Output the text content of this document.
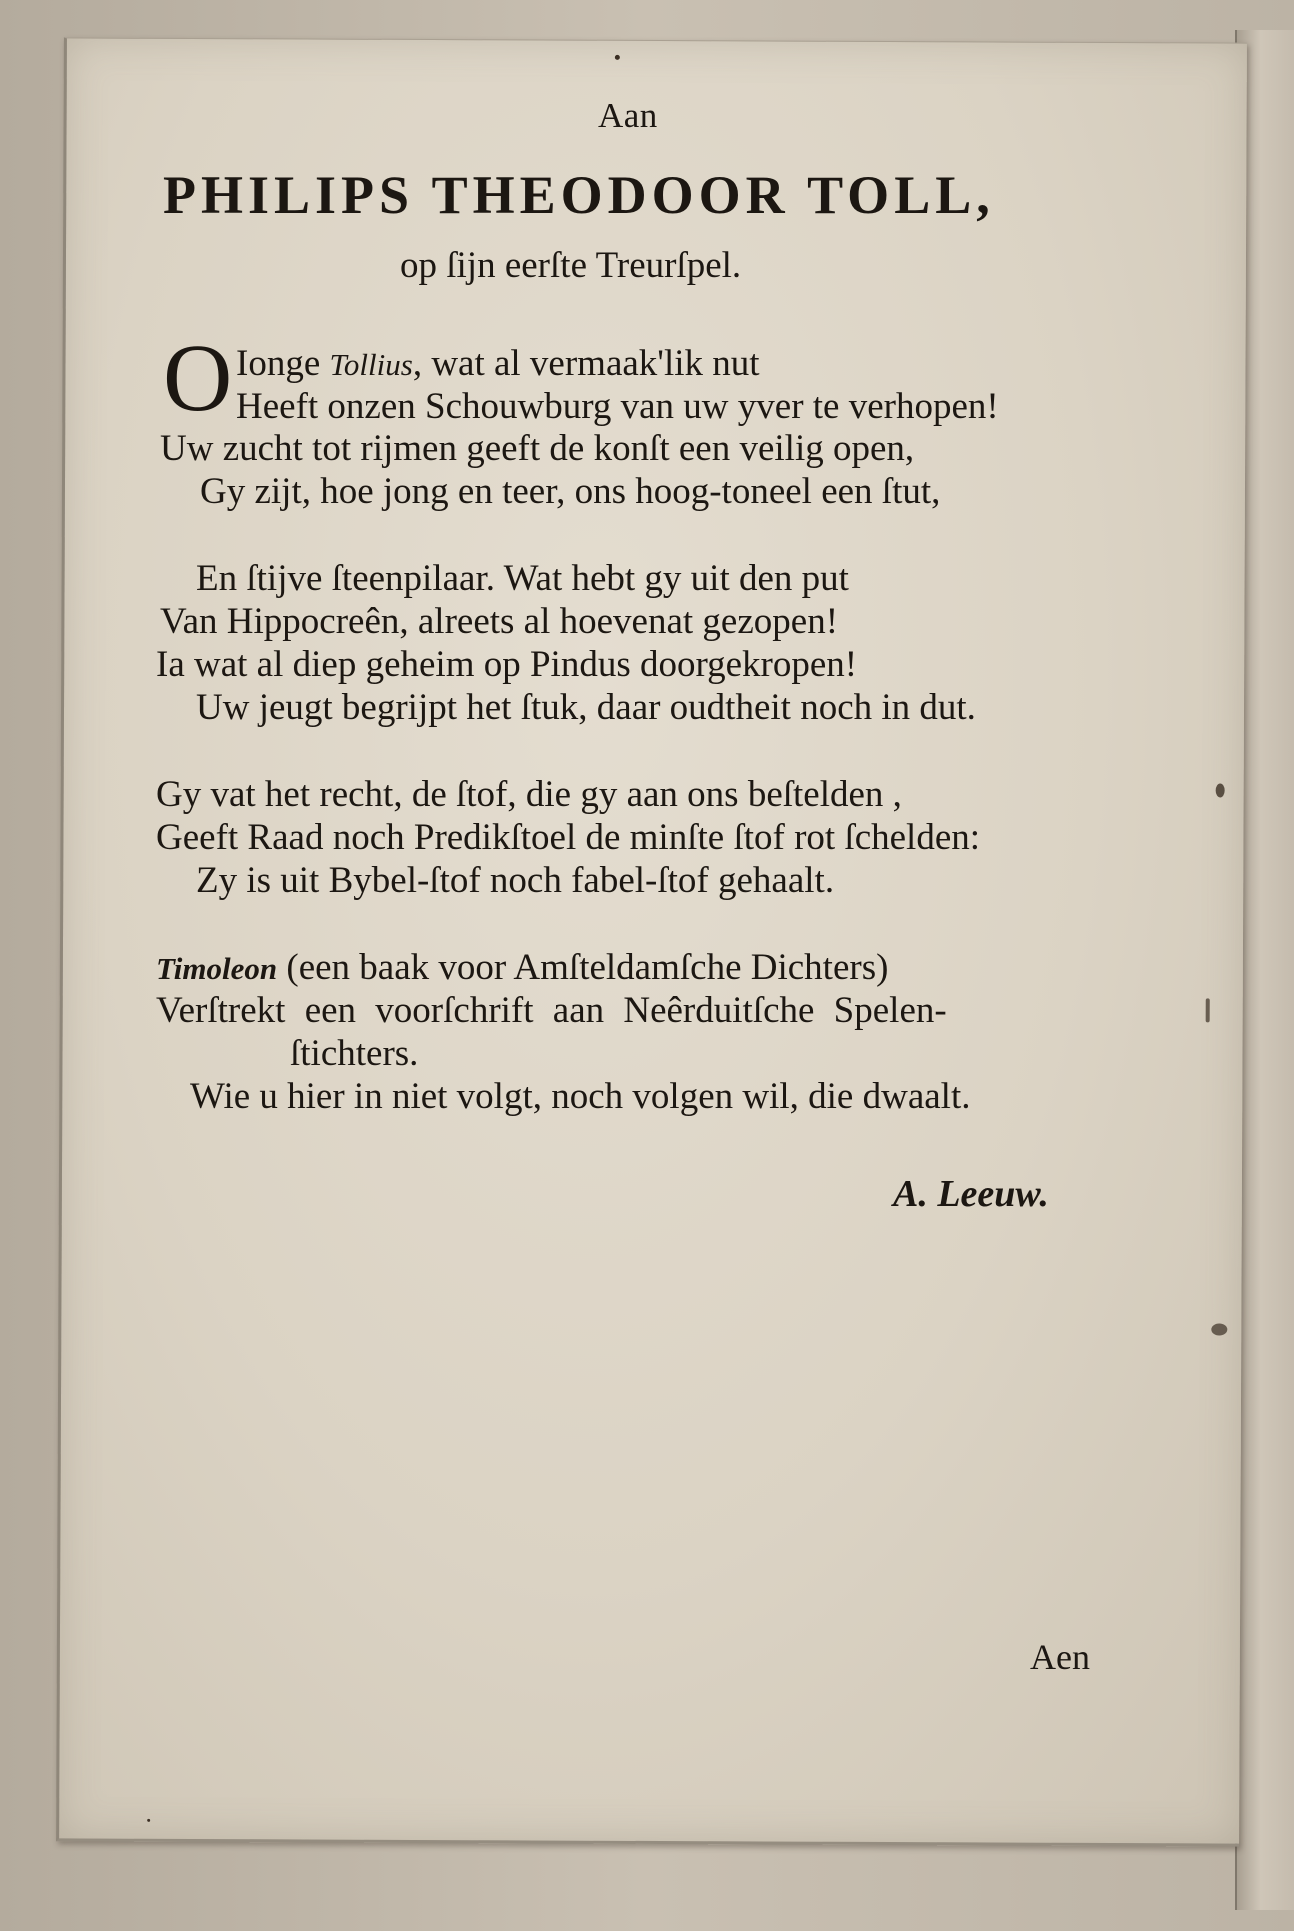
Aan
PHILIPS THEODOOR TOLL,
op ſijn eerſte Treurſpel.
O Ionge Tollius, wat al vermaak'lik nut
Heeft onzen Schouwburg van uw yver te verhopen!
Uw zucht tot rijmen geeft de konſt een veilig open,
Gy zijt, hoe jong en teer, ons hoog-toneel een ſtut,
En ſtijve ſteenpilaar. Wat hebt gy uit den put
Van Hippocreên, alreets al hoevenat gezopen!
Ia wat al diep geheim op Pindus doorgekropen!
Uw jeugt begrijpt het ſtuk, daar oudtheit noch in dut.
Gy vat het recht, de ſtof, die gy aan ons beſtelden ,
Geeft Raad noch Predikſtoel de minſte ſtof rot ſchelden:
Zy is uit Bybel-ſtof noch fabel-ſtof gehaalt.
Timoleon (een baak voor Amſteldamſche Dichters)
Verſtrekt een voorſchrift aan Neêrduitſche Spelen-
ſtichters.
Wie u hier in niet volgt, noch volgen wil, die dwaalt.
A. Leeuw.
Aen
